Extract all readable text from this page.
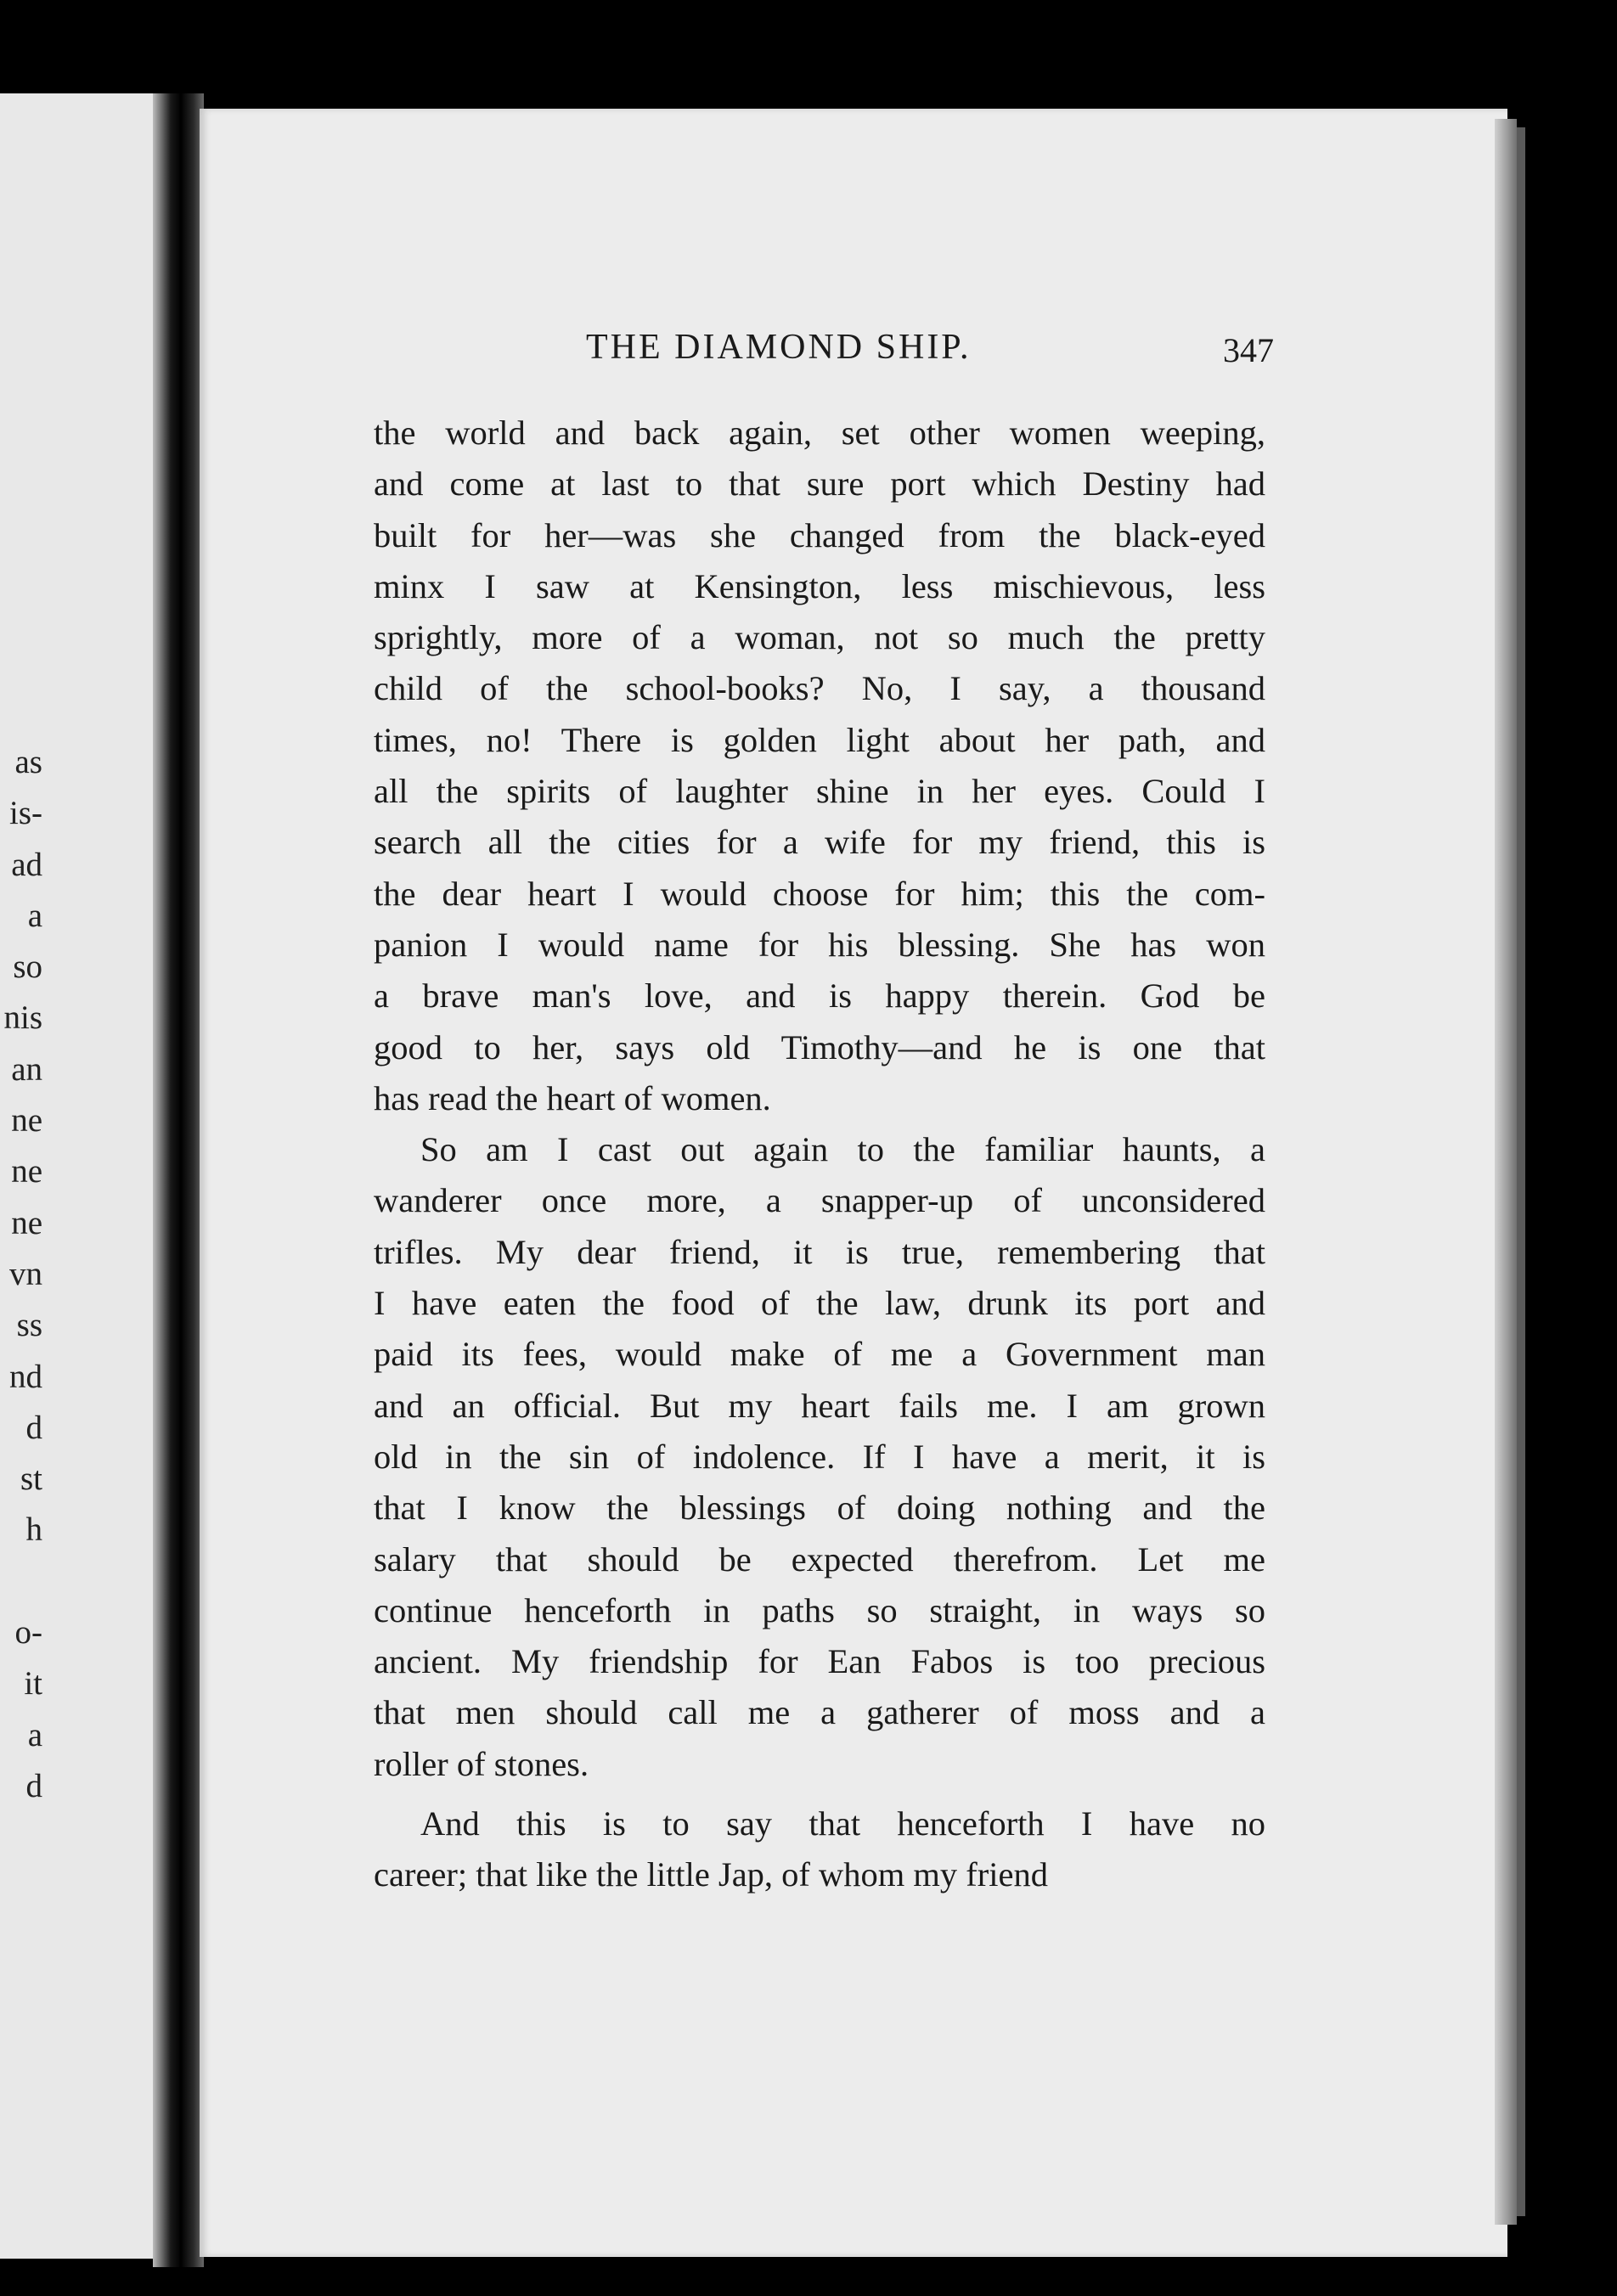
as
is-
ad
a
so
nis
an
ne
ne
ne
vn
ss
nd
d
st
h
o-
it
a
d
THE DIAMOND SHIP.	347
the world and back again, set other women weeping,
and come at last to that sure port which Destiny had
built for her—was she changed from the black-eyed
minx I saw at Kensington, less mischievous, less
sprightly, more of a woman, not so much the pretty
child of the school-books? No, I say, a thousand
times, no! There is golden light about her path, and
all the spirits of laughter shine in her eyes. Could I
search all the cities for a wife for my friend, this is
the dear heart I would choose for him; this the com-
panion I would name for his blessing. She has won
a brave man's love, and is happy therein. God be
good to her, says old Timothy—and he is one that
has read the heart of women.
So am I cast out again to the familiar haunts, a
wanderer once more, a snapper-up of unconsidered
trifles. My dear friend, it is true, remembering that
I have eaten the food of the law, drunk its port and
paid its fees, would make of me a Government man
and an official. But my heart fails me. I am grown
old in the sin of indolence. If I have a merit, it is
that I know the blessings of doing nothing and the
salary that should be expected therefrom. Let me
continue henceforth in paths so straight, in ways so
ancient. My friendship for Ean Fabos is too precious
that men should call me a gatherer of moss and a
roller of stones.
And this is to say that henceforth I have no
career; that like the little Jap, of whom my friend
